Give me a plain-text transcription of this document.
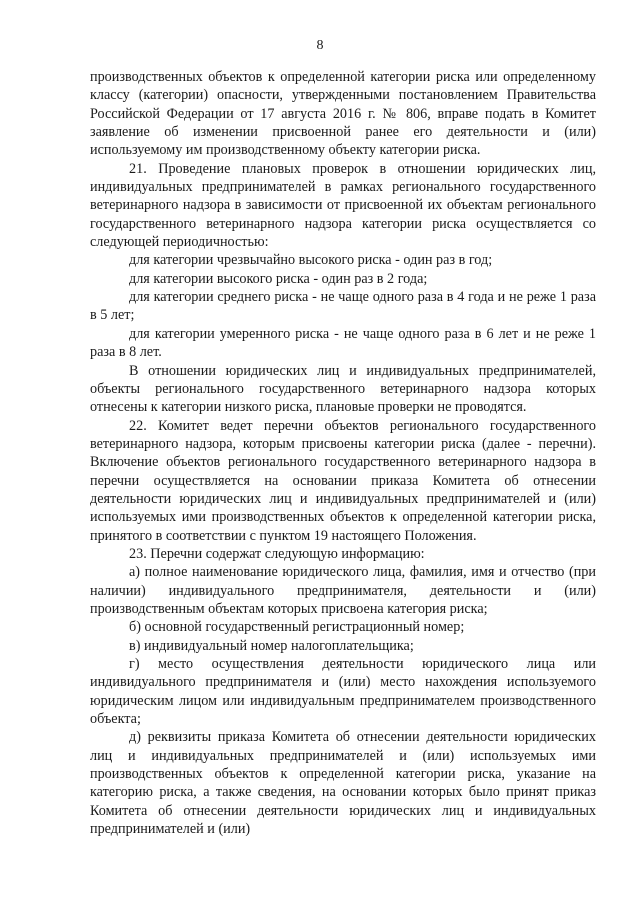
8

производственных объектов к определенной категории риска или определенному классу (категории) опасности, утвержденными постановлением Правительства Российской Федерации от 17 августа 2016 г. № 806, вправе подать в Комитет заявление об изменении присвоенной ранее его деятельности и (или) используемому им производственному объекту категории риска.

21. Проведение плановых проверок в отношении юридических лиц, индивидуальных предпринимателей в рамках регионального государственного ветеринарного надзора в зависимости от присвоенной их объектам регионального государственного ветеринарного надзора категории риска осуществляется со следующей периодичностью:

для категории чрезвычайно высокого риска - один раз в год;

для категории высокого риска - один раз в 2 года;

для категории среднего риска - не чаще одного раза в 4 года и не реже 1 раза в 5 лет;

для категории умеренного риска - не чаще одного раза в 6 лет и не реже 1 раза в 8 лет.

В отношении юридических лиц и индивидуальных предпринимателей, объекты регионального государственного ветеринарного надзора которых отнесены к категории низкого риска, плановые проверки не проводятся.

22. Комитет ведет перечни объектов регионального государственного ветеринарного надзора, которым присвоены категории риска (далее - перечни). Включение объектов регионального государственного ветеринарного надзора в перечни осуществляется на основании приказа Комитета об отнесении деятельности юридических лиц и индивидуальных предпринимателей и (или) используемых ими производственных объектов к определенной категории риска, принятого в соответствии с пунктом 19 настоящего Положения.

23. Перечни содержат следующую информацию:

а) полное наименование юридического лица, фамилия, имя и отчество (при наличии) индивидуального предпринимателя, деятельности и (или) производственным объектам которых присвоена категория риска;

б) основной государственный регистрационный номер;

в) индивидуальный номер налогоплательщика;

г) место осуществления деятельности юридического лица или индивидуального предпринимателя и (или) место нахождения используемого юридическим лицом или индивидуальным предпринимателем производственного объекта;

д) реквизиты приказа Комитета об отнесении деятельности юридических лиц и индивидуальных предпринимателей и (или) используемых ими производственных объектов к определенной категории риска, указание на категорию риска, а также сведения, на основании которых было принят приказ Комитета об отнесении деятельности юридических лиц и индивидуальных предпринимателей и (или)
